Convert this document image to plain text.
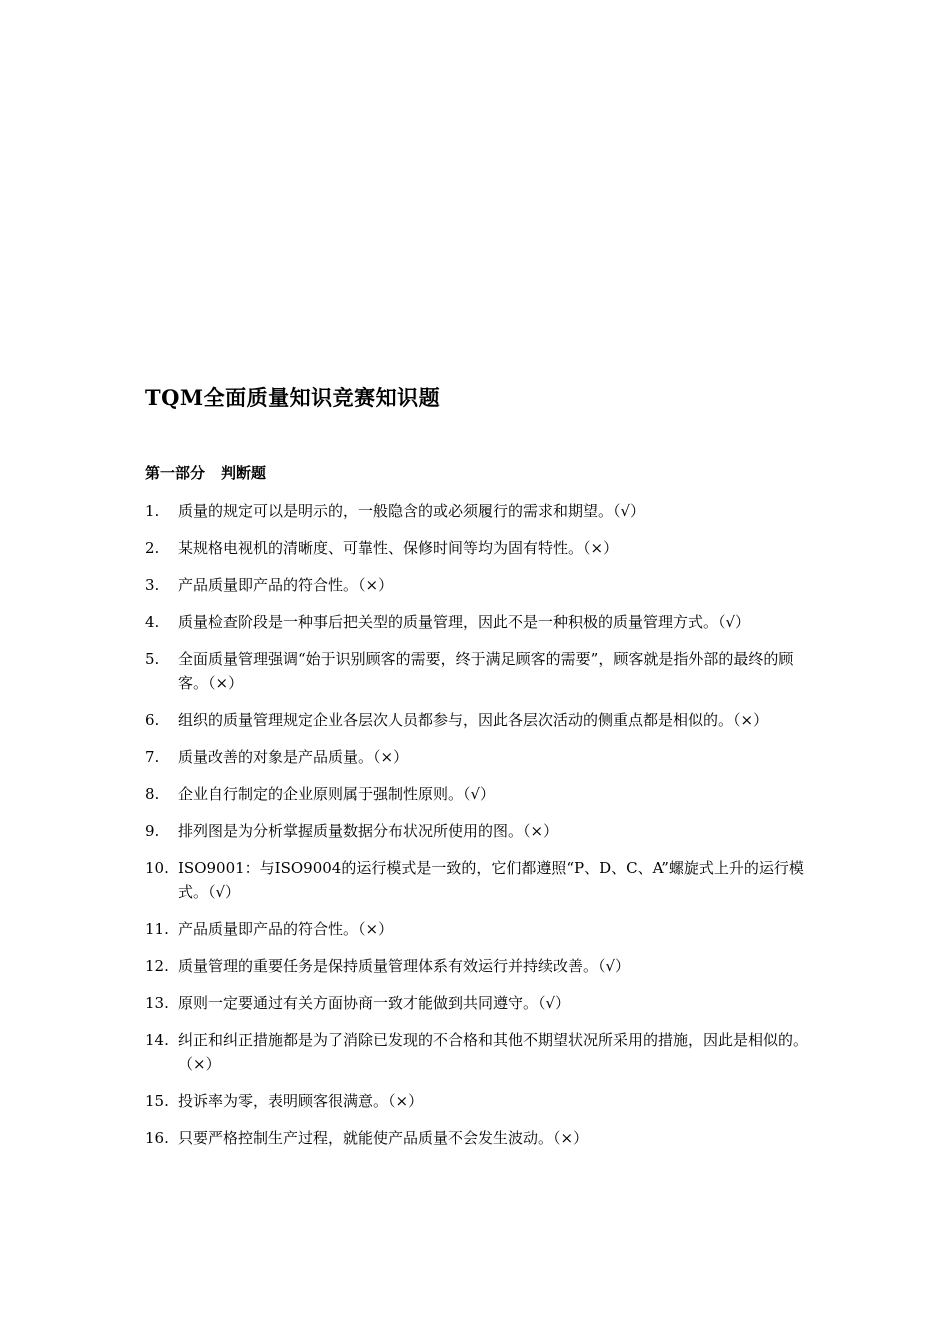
TQM全面质量知识竞赛知识题
第一部分 判断题
1. 质量的规定可以是明示的，一般隐含的或必须履行的需求和期望。（√）
2. 某规格电视机的清晰度、可靠性、保修时间等均为固有特性。（×）
3. 产品质量即产品的符合性。（×）
4. 质量检查阶段是一种事后把关型的质量管理，因此不是一种积极的质量管理方式。（√）
5. 全面质量管理强调“始于识别顾客的需要，终于满足顾客的需要”，顾客就是指外部的最终的顾客。（×）
6. 组织的质量管理规定企业各层次人员都参与，因此各层次活动的侧重点都是相似的。（×）
7. 质量改善的对象是产品质量。（×）
8. 企业自行制定的企业原则属于强制性原则。（√）
9. 排列图是为分析掌握质量数据分布状况所使用的图。（×）
10. ISO9001：与ISO9004的运行模式是一致的，它们都遵照“P、D、C、A”螺旋式上升的运行模式。（√）
11. 产品质量即产品的符合性。（×）
12. 质量管理的重要任务是保持质量管理体系有效运行并持续改善。（√）
13. 原则一定要通过有关方面协商一致才能做到共同遵守。（√）
14. 纠正和纠正措施都是为了消除已发现的不合格和其他不期望状况所采用的措施，因此是相似的。（×）
15. 投诉率为零，表明顾客很满意。（×）
16. 只要严格控制生产过程，就能使产品质量不会发生波动。（×）
